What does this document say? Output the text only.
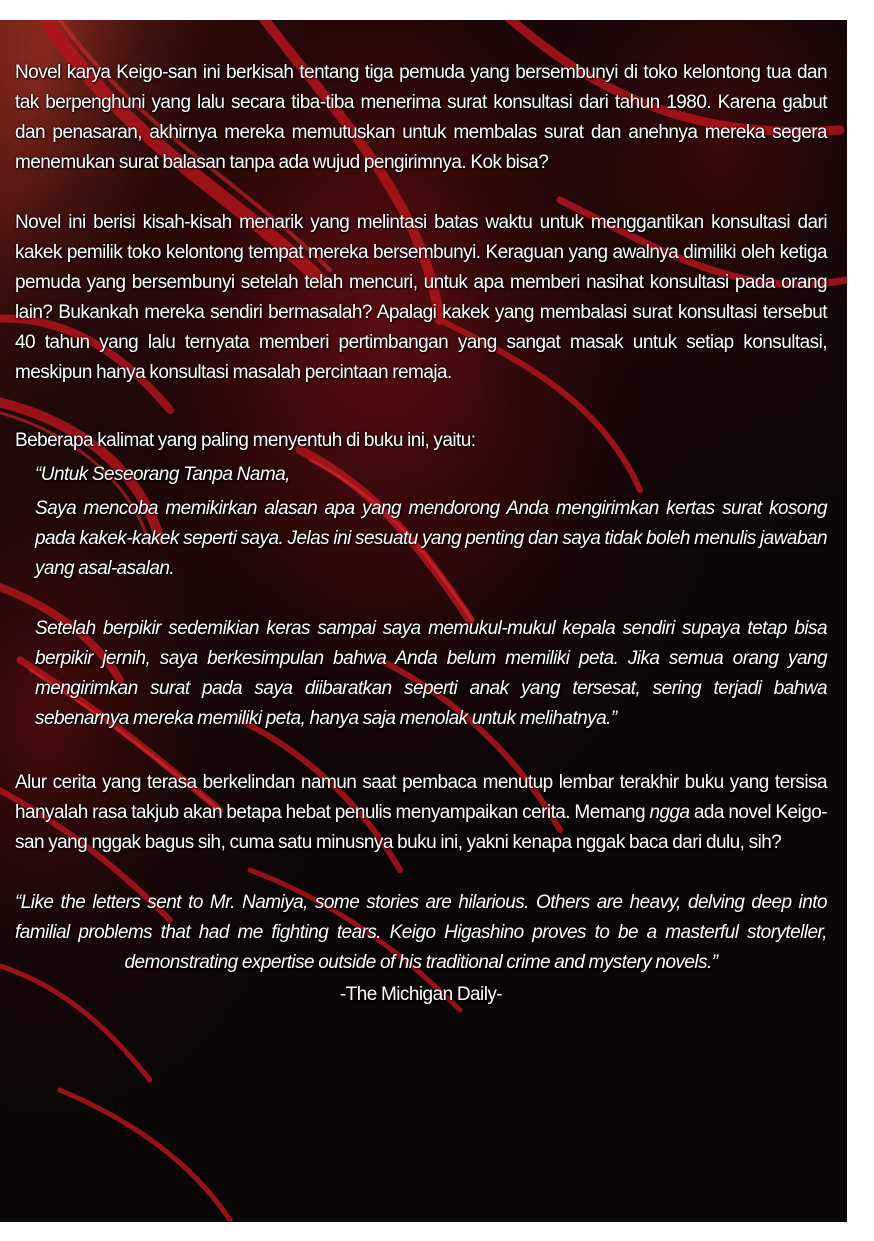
Novel karya Keigo-san ini berkisah tentang tiga pemuda yang bersembunyi di toko kelontong tua dan tak berpenghuni yang lalu secara tiba-tiba menerima surat konsultasi dari tahun 1980. Karena gabut dan penasaran, akhirnya mereka memutuskan untuk membalas surat dan anehnya mereka segera menemukan surat balasan tanpa ada wujud pengirimnya. Kok bisa?

Novel ini berisi kisah-kisah menarik yang melintasi batas waktu untuk menggantikan konsultasi dari kakek pemilik toko kelontong tempat mereka bersembunyi. Keraguan yang awalnya dimiliki oleh ketiga pemuda yang bersembunyi setelah telah mencuri, untuk apa memberi nasihat konsultasi pada orang lain? Bukankah mereka sendiri bermasalah? Apalagi kakek yang membalasi surat konsultasi tersebut 40 tahun yang lalu ternyata memberi pertimbangan yang sangat masak untuk setiap konsultasi, meskipun hanya konsultasi masalah percintaan remaja.

Beberapa kalimat yang paling menyentuh di buku ini, yaitu:

“Untuk Seseorang Tanpa Nama,

Saya mencoba memikirkan alasan apa yang mendorong Anda mengirimkan kertas surat kosong pada kakek-kakek seperti saya. Jelas ini sesuatu yang penting dan saya tidak boleh menulis jawaban yang asal-asalan.

Setelah berpikir sedemikian keras sampai saya memukul-mukul kepala sendiri supaya tetap bisa berpikir jernih, saya berkesimpulan bahwa Anda belum memiliki peta. Jika semua orang yang mengirimkan surat pada saya diibaratkan seperti anak yang tersesat, sering terjadi bahwa sebenarnya mereka memiliki peta, hanya saja menolak untuk melihatnya.”

Alur cerita yang terasa berkelindan namun saat pembaca menutup lembar terakhir buku yang tersisa hanyalah rasa takjub akan betapa hebat penulis menyampaikan cerita. Memang ngga ada novel Keigo-san yang nggak bagus sih, cuma satu minusnya buku ini, yakni kenapa nggak baca dari dulu, sih?

“Like the letters sent to Mr. Namiya, some stories are hilarious. Others are heavy, delving deep into familial problems that had me fighting tears. Keigo Higashino proves to be a masterful storyteller, demonstrating expertise outside of his traditional crime and mystery novels.”

-The Michigan Daily-
